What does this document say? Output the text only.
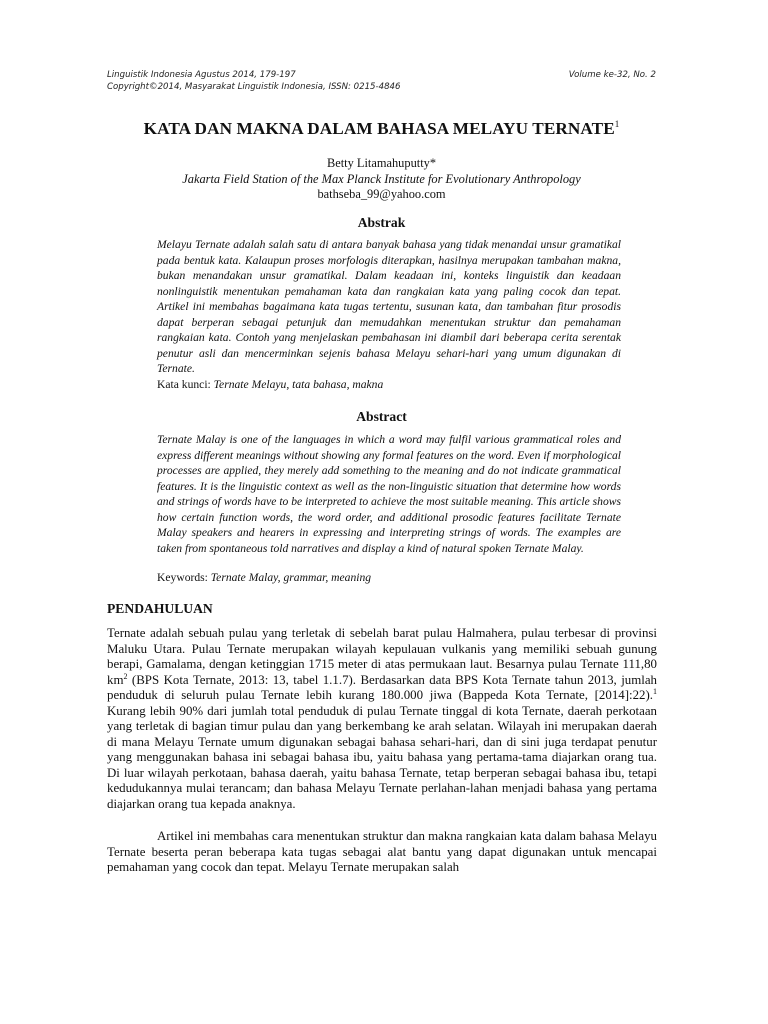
Linguistik Indonesia Agustus 2014, 179-197	Volume ke-32, No. 2
Copyright©2014, Masyarakat Linguistik Indonesia, ISSN: 0215-4846
KATA DAN MAKNA DALAM BAHASA MELAYU TERNATE$^1$
Betty Litamahuputty*
Jakarta Field Station of the Max Planck Institute for Evolutionary Anthropology
bathseba_99@yahoo.com
Abstrak
Melayu Ternate adalah salah satu di antara banyak bahasa yang tidak menandai unsur gramatikal pada bentuk kata. Kalaupun proses morfologis diterapkan, hasilnya merupakan tambahan makna, bukan menandakan unsur gramatikal. Dalam keadaan ini, konteks linguistik dan keadaan nonlinguistik menentukan pemahaman kata dan rangkaian kata yang paling cocok dan tepat. Artikel ini membahas bagaimana kata tugas tertentu, susunan kata, dan tambahan fitur prosodis dapat berperan sebagai petunjuk dan memudahkan menentukan struktur dan pemahaman rangkaian kata. Contoh yang menjelaskan pembahasan ini diambil dari beberapa cerita serentak penutur asli dan mencerminkan sejenis bahasa Melayu sehari-hari yang umum digunakan di Ternate.
Kata kunci: Ternate Melayu, tata bahasa, makna
Abstract
Ternate Malay is one of the languages in which a word may fulfil various grammatical roles and express different meanings without showing any formal features on the word. Even if morphological processes are applied, they merely add something to the meaning and do not indicate grammatical features. It is the linguistic context as well as the non-linguistic situation that determine how words and strings of words have to be interpreted to achieve the most suitable meaning. This article shows how certain function words, the word order, and additional prosodic features facilitate Ternate Malay speakers and hearers in expressing and interpreting strings of words. The examples are taken from spontaneous told narratives and display a kind of natural spoken Ternate Malay.
Keywords: Ternate Malay, grammar, meaning
PENDAHULUAN
Ternate adalah sebuah pulau yang terletak di sebelah barat pulau Halmahera, pulau terbesar di provinsi Maluku Utara. Pulau Ternate merupakan wilayah kepulauan vulkanis yang memiliki sebuah gunung berapi, Gamalama, dengan ketinggian 1715 meter di atas permukaan laut. Besarnya pulau Ternate 111,80 $km^2$ (BPS Kota Ternate, 2013: 13, tabel 1.1.7). Berdasarkan data BPS Kota Ternate tahun 2013, jumlah penduduk di seluruh pulau Ternate lebih kurang 180.000 jiwa (Bappeda Kota Ternate, [2014]:22).$^1$ Kurang lebih 90% dari jumlah total penduduk di pulau Ternate tinggal di kota Ternate, daerah perkotaan yang terletak di bagian timur pulau dan yang berkembang ke arah selatan. Wilayah ini merupakan daerah di mana Melayu Ternate umum digunakan sebagai bahasa sehari-hari, dan di sini juga terdapat penutur yang menggunakan bahasa ini sebagai bahasa ibu, yaitu bahasa yang pertama-tama diajarkan orang tua. Di luar wilayah perkotaan, bahasa daerah, yaitu bahasa Ternate, tetap berperan sebagai bahasa ibu, tetapi kedudukannya mulai terancam; dan bahasa Melayu Ternate perlahan-lahan menjadi bahasa yang pertama diajarkan orang tua kepada anaknya.
Artikel ini membahas cara menentukan struktur dan makna rangkaian kata dalam bahasa Melayu Ternate beserta peran beberapa kata tugas sebagai alat bantu yang dapat digunakan untuk mencapai pemahaman yang cocok dan tepat. Melayu Ternate merupakan salah
